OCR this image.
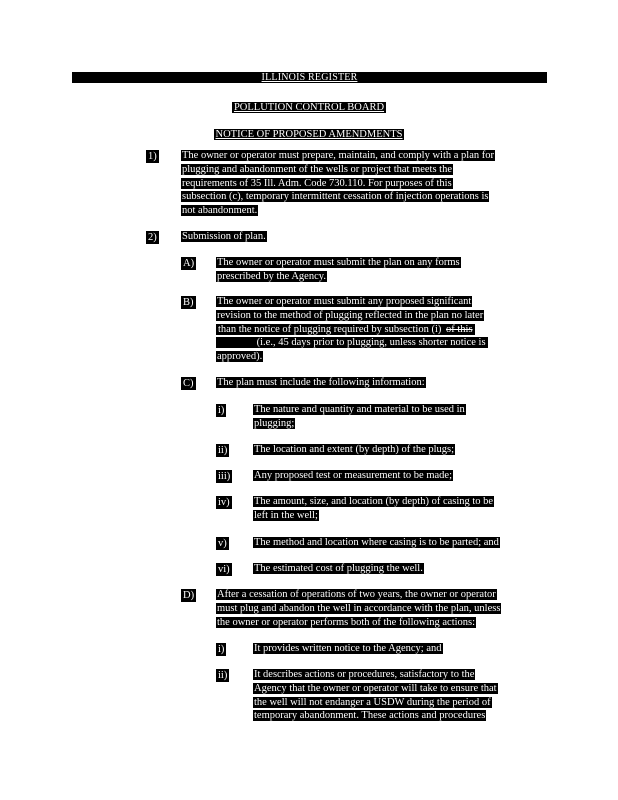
ILLINOIS REGISTER
POLLUTION CONTROL BOARD
NOTICE OF PROPOSED AMENDMENTS
1) The owner or operator must prepare, maintain, and comply with a plan for
plugging and abandonment of the wells or project that meets the
requirements of 35 Ill. Adm. Code 730.110. For purposes of this
subsection (c), temporary intermittent cessation of injection operations is
not abandonment.
2) Submission of plan.
A) The owner or operator must submit the plan on any forms
prescribed by the Agency.
B) The owner or operator must submit any proposed significant
revision to the method of plugging reflected in the plan no later
than the notice of plugging required by subsection (i) of this
(i.e., 45 days prior to plugging, unless shorter notice is
approved).
C) The plan must include the following information:
i)	The nature and quantity and material to be used in
plugging;
ii)	The location and extent (by depth) of the plugs;
iii) Any proposed test or measurement to be made;
iv) The amount, size, and location (by depth) of casing to be
left in the well;
v)	The method and location where casing is to be parted; and
vi) The estimated cost of plugging the well.
D) After a cessation of operations of two years, the owner or operator
must plug and abandon the well in accordance with the plan, unless
the owner or operator performs both of the following actions:
i)	It provides written notice to the Agency; and
ii)	It describes actions or procedures, satisfactory to the
Agency that the owner or operator will take to ensure that
the well will not endanger a USDW during the period of
temporary abandonment. These actions and procedures
